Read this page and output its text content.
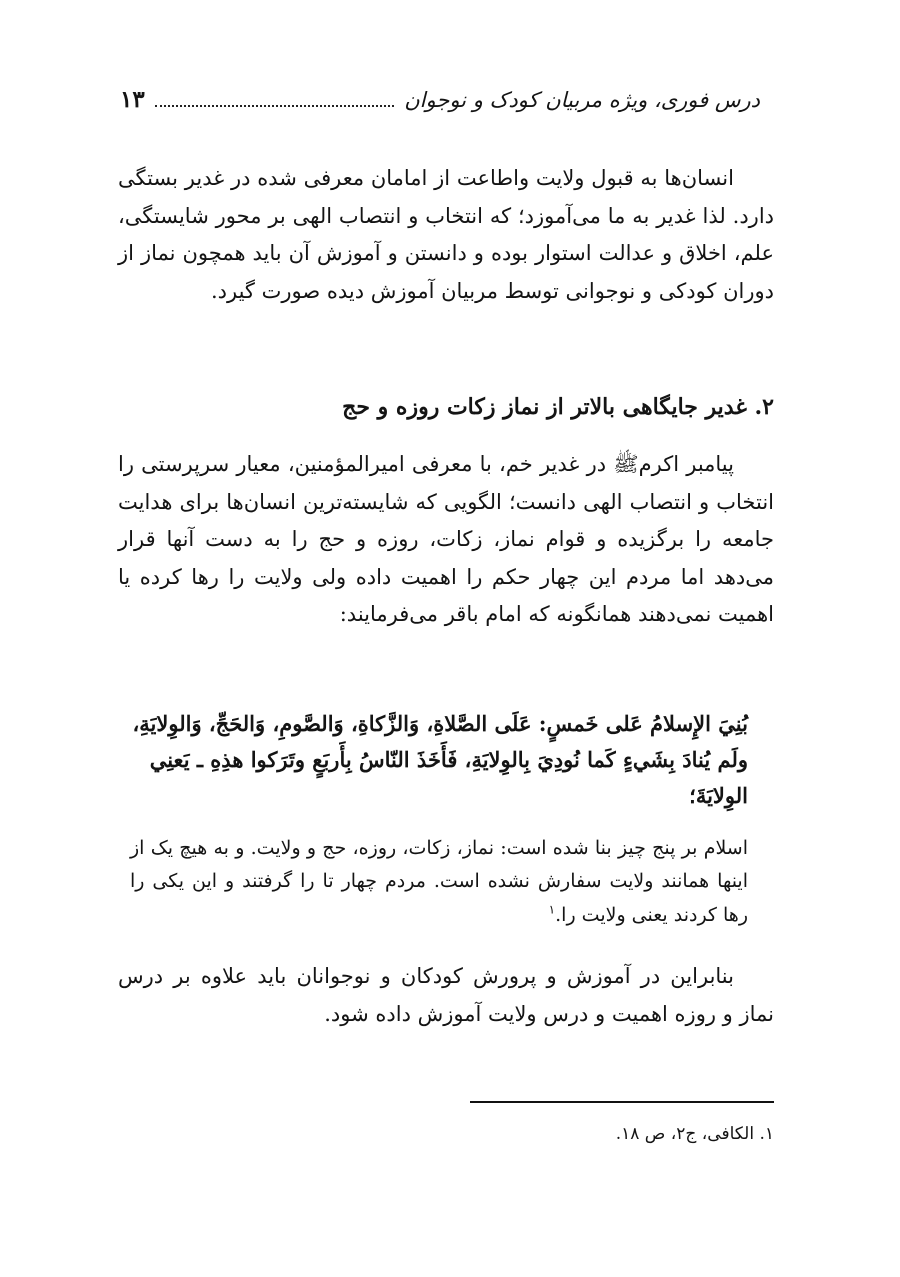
درس فوری، ویژه مربیان کودک و نوجوان
۱۳

انسان‌ها به قبول ولایت واطاعت از امامان معرفی شده در غدیر بستگی دارد. لذا غدیر به ما می‌آموزد؛ که انتخاب و انتصاب الهی بر محور شایستگی، علم، اخلاق و عدالت استوار بوده و دانستن و آموزش آن باید همچون نماز از دوران کودکی و نوجوانی توسط مربیان آموزش دیده صورت گیرد.

۲. غدیر جایگاهی بالاتر از نماز زکات روزه و حج

پیامبر اکرمﷺ در غدیر خم، با معرفی امیرالمؤمنین، معیار سرپرستی را انتخاب و انتصاب الهی دانست؛ الگویی که شایسته‌ترین انسان‌ها برای هدایت جامعه را برگزیده و قوام نماز، زکات، روزه و حج را به دست آنها قرار می‌دهد اما مردم این چهار حکم را اهمیت داده ولی ولایت را رها کرده یا اهمیت نمی‌دهند همانگونه که امام باقر می‌فرمایند:

بُنِيَ الإِسلامُ عَلى خَمسٍ: عَلَى الصَّلاةِ، وَالزَّكاةِ، وَالصَّومِ، وَالحَجِّ، وَالوِلايَةِ، ولَم يُنادَ بِشَيءٍ كَما نُودِيَ بِالوِلايَةِ، فَأَخَذَ النّاسُ بِأَربَعٍ وتَرَكوا هذِهِ ـ يَعنِي الوِلايَةَ؛

اسلام بر پنج چیز بنا شده است: نماز، زکات، روزه، حج و ولایت. و به هیچ یک از اینها همانند ولایت سفارش نشده است. مردم چهار تا را گرفتند و این یکی را رها کردند یعنی ولایت را.$^۱$

بنابراین در آموزش و پرورش کودکان و نوجوانان باید علاوه بر درس نماز و روزه اهمیت و درس ولایت آموزش داده شود.

۱. الکافی، ج۲، ص ۱۸.
